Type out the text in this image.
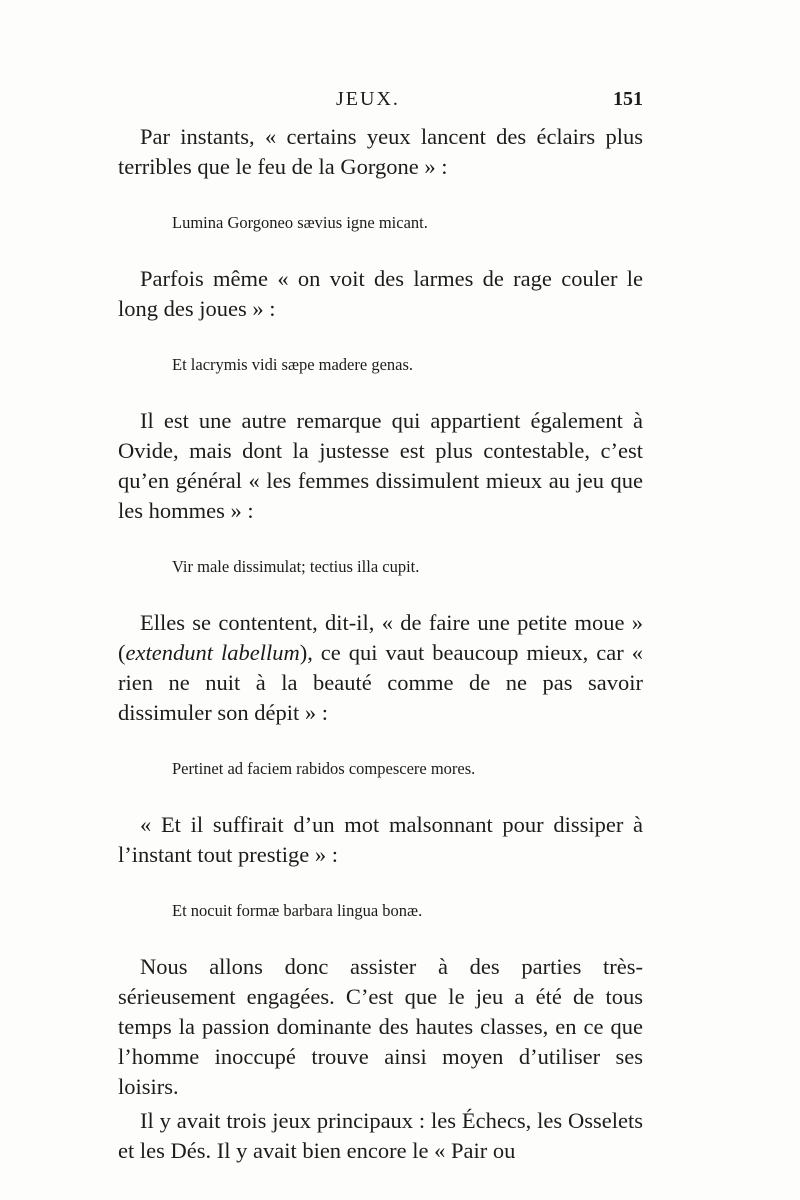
JEUX.	151

Par instants, « certains yeux lancent des éclairs plus terribles que le feu de la Gorgone » :

Lumina Gorgoneo sævius igne micant.

Parfois même « on voit des larmes de rage couler le long des joues » :

Et lacrymis vidi sæpe madere genas.

Il est une autre remarque qui appartient également à Ovide, mais dont la justesse est plus contestable, c’est qu’en général « les femmes dissimulent mieux au jeu que les hommes » :

Vir male dissimulat; tectius illa cupit.

Elles se contentent, dit-il, « de faire une petite moue » (extendunt labellum), ce qui vaut beaucoup mieux, car « rien ne nuit à la beauté comme de ne pas savoir dissimuler son dépit » :

Pertinet ad faciem rabidos compescere mores.

« Et il suffirait d’un mot malsonnant pour dissiper à l’instant tout prestige » :

Et nocuit formæ barbara lingua bonæ.

Nous allons donc assister à des parties très-sérieusement engagées. C’est que le jeu a été de tous temps la passion dominante des hautes classes, en ce que l’homme inoccupé trouve ainsi moyen d’utiliser ses loisirs.

Il y avait trois jeux principaux : les Échecs, les Osselets et les Dés. Il y avait bien encore le « Pair ou
